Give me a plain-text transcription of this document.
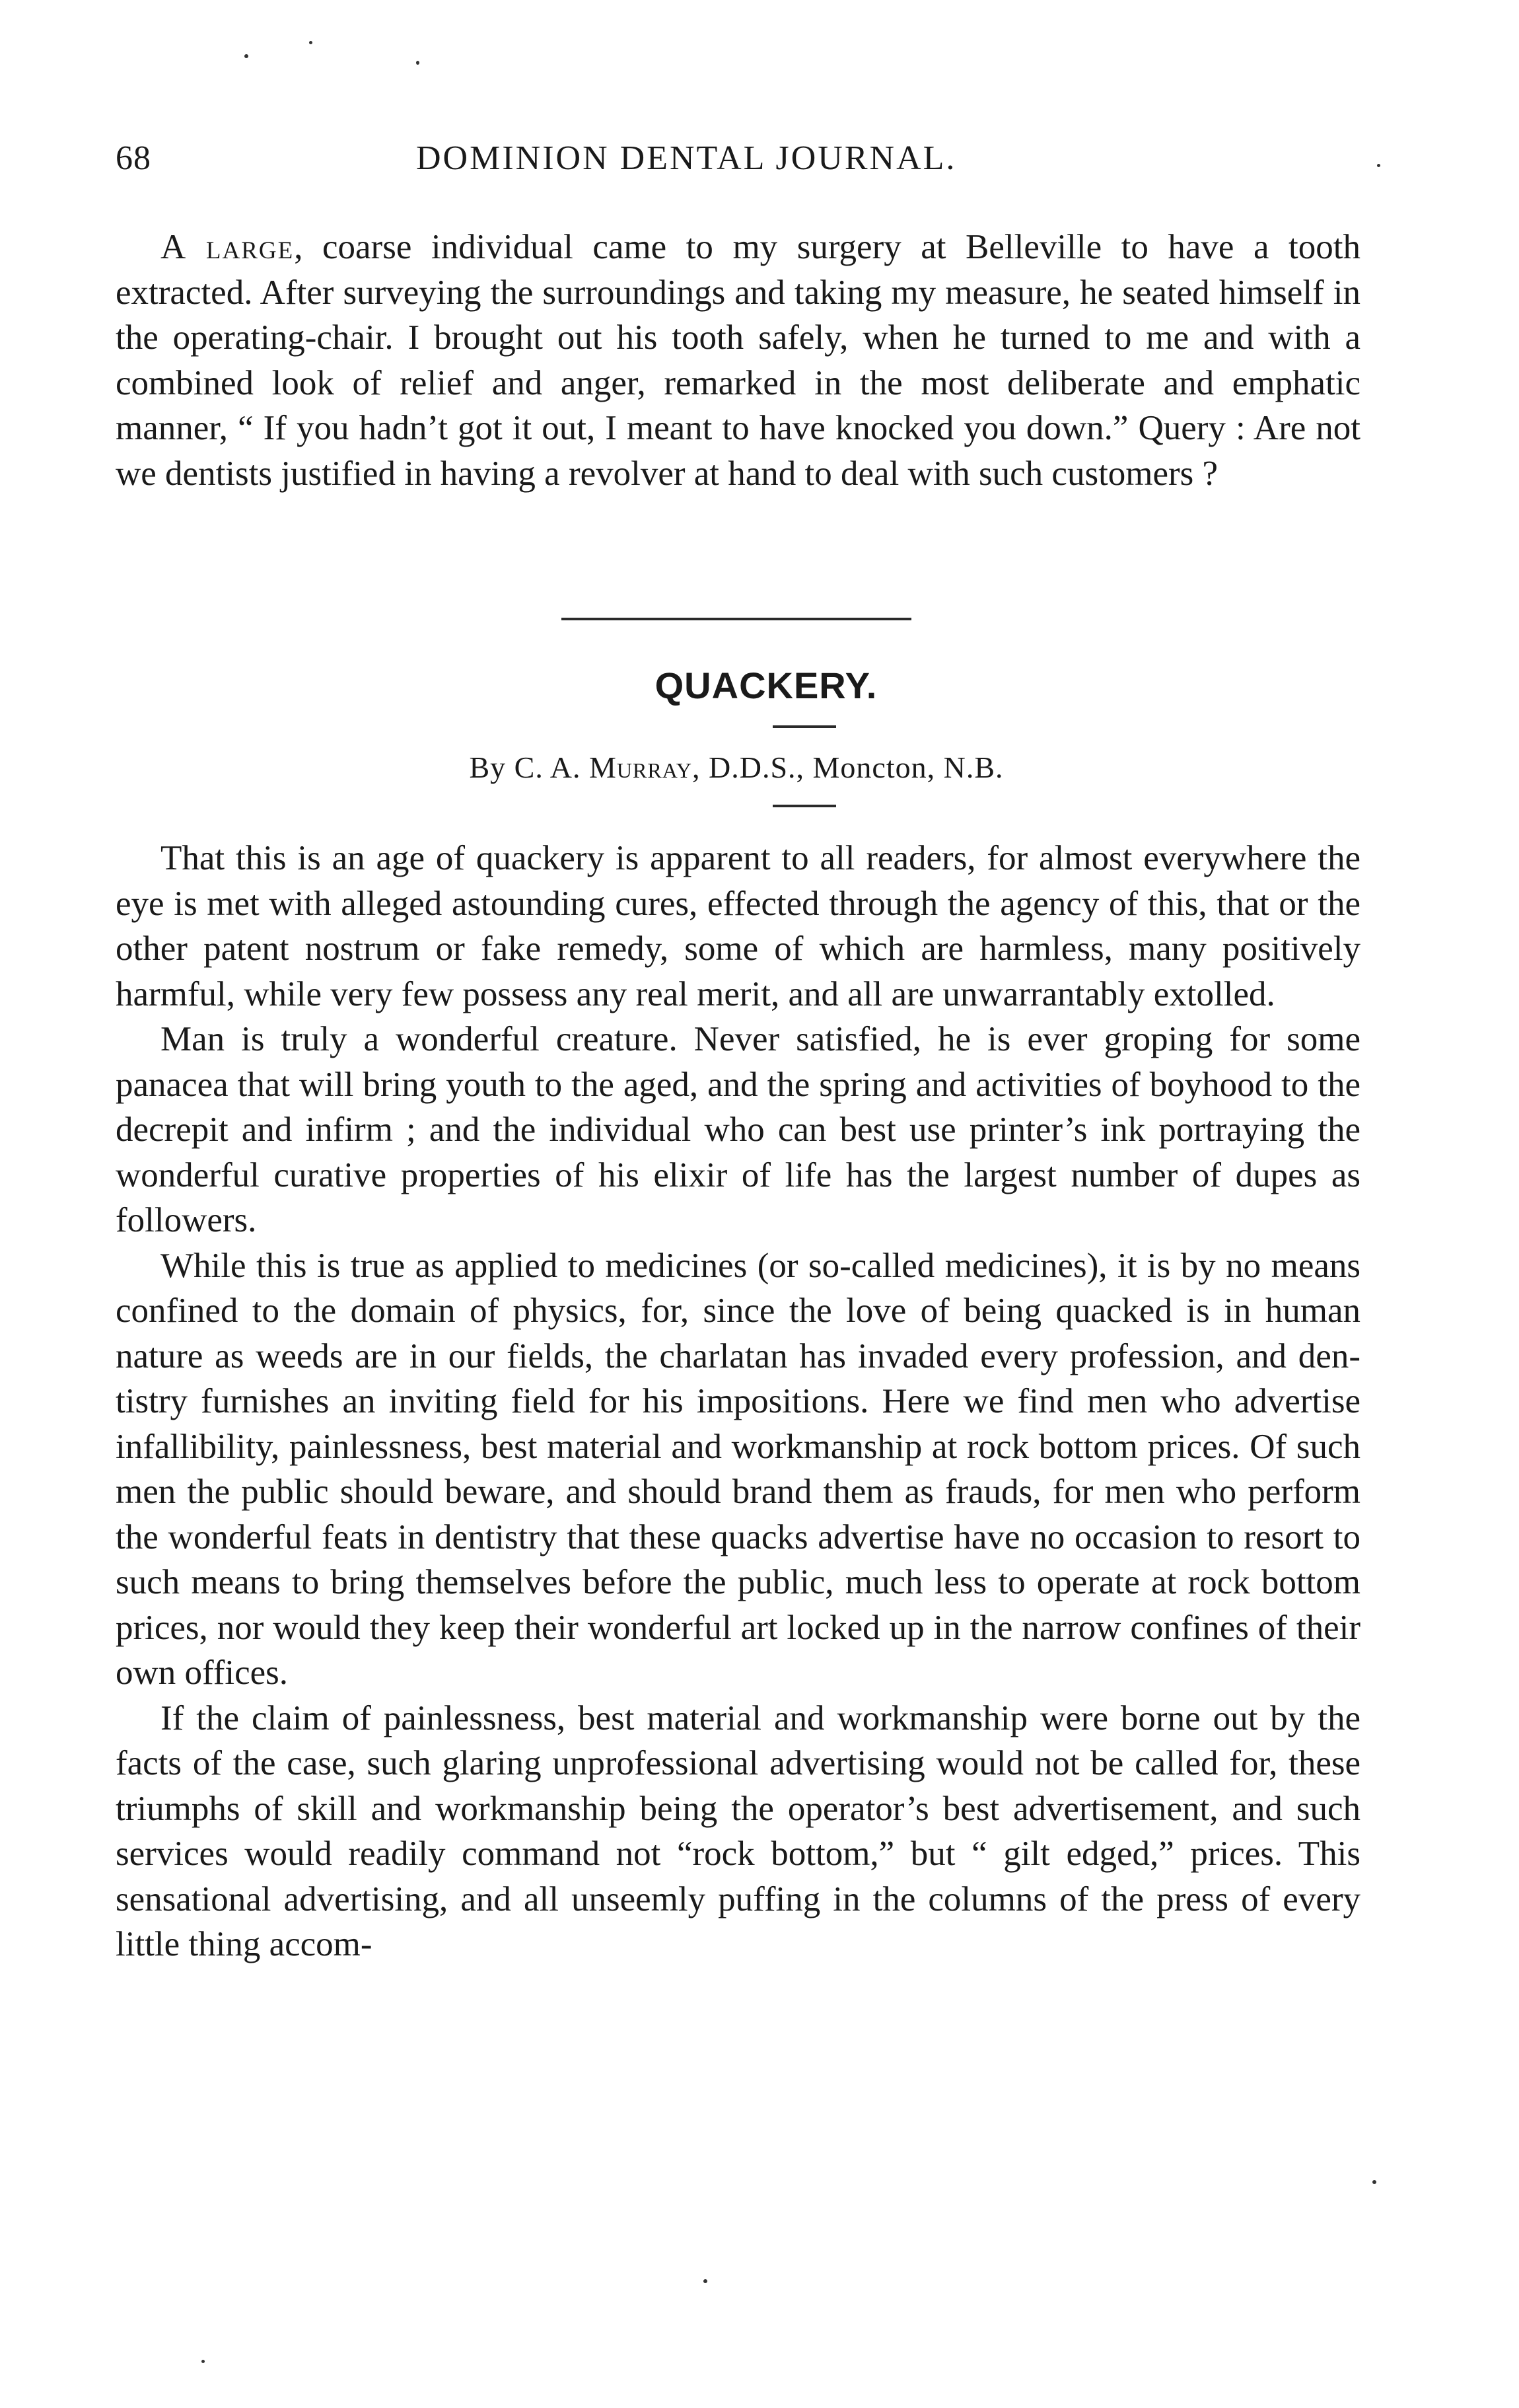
68	DOMINION DENTAL JOURNAL.

A large, coarse individual came to my surgery at Belleville to have a tooth extracted. After surveying the surroundings and taking my measure, he seated himself in the operating-chair. I brought out his tooth safely, when he turned to me and with a combined look of relief and anger, remarked in the most deliberate and emphatic manner, “ If you hadn’t got it out, I meant to have knocked you down.” Query : Are not we dentists justified in having a revolver at hand to deal with such customers ?

QUACKERY.
By C. A. Murray, D.D.S., Moncton, N.B.

That this is an age of quackery is apparent to all readers, for almost everywhere the eye is met with alleged astounding cures, effected through the agency of this, that or the other patent nostrum or fake remedy, some of which are harmless, many positively harmful, while very few possess any real merit, and all are unwarrantably extolled.

Man is truly a wonderful creature. Never satisfied, he is ever groping for some panacea that will bring youth to the aged, and the spring and activities of boyhood to the decrepit and infirm ; and the individual who can best use printer’s ink portraying the wonderful curative properties of his elixir of life has the largest number of dupes as followers.

While this is true as applied to medicines (or so-called medicines), it is by no means confined to the domain of physics, for, since the love of being quacked is in human nature as weeds are in our fields, the charlatan has invaded every profession, and dentistry furnishes an inviting field for his impositions. Here we find men who advertise infallibility, painlessness, best material and workmanship at rock bottom prices. Of such men the public should beware, and should brand them as frauds, for men who perform the wonderful feats in dentistry that these quacks advertise have no occasion to resort to such means to bring themselves before the public, much less to operate at rock bottom prices, nor would they keep their wonderful art locked up in the narrow confines of their own offices.

If the claim of painlessness, best material and workmanship were borne out by the facts of the case, such glaring unprofessional advertising would not be called for, these triumphs of skill and workmanship being the operator’s best advertisement, and such services would readily command not “rock bottom,” but “ gilt edged,” prices. This sensational advertising, and all unseemly puffing in the columns of the press of every little thing accom-
